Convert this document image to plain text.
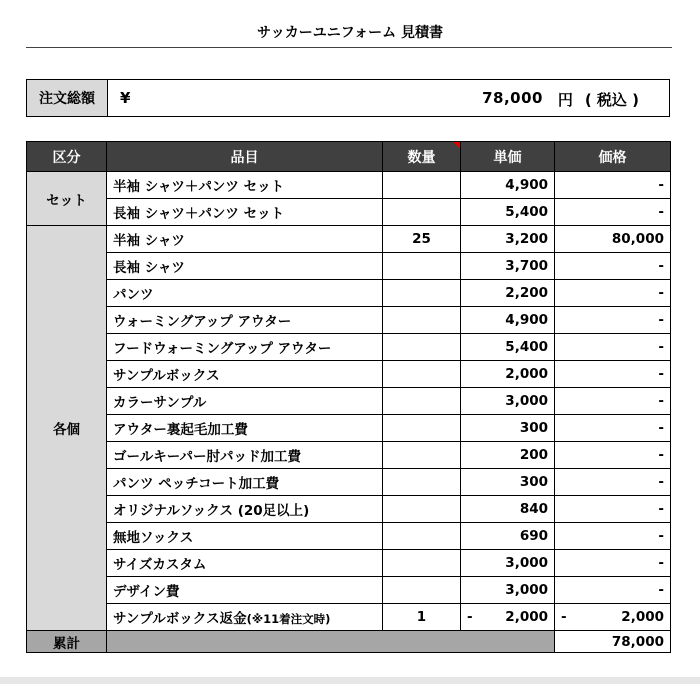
サッカーユニフォーム 見積書
注文総額	¥	78,000 円 ( 税込 )
区分	品目	数量	単価	価格
セット	半袖 シャツ＋パンツ セット		4,900	-
	長袖 シャツ＋パンツ セット		5,400	-
各個	半袖 シャツ	25	3,200	80,000
	長袖 シャツ		3,700	-
	パンツ		2,200	-
	ウォーミングアップ アウター		4,900	-
	フードウォーミングアップ アウター		5,400	-
	サンプルボックス		2,000	-
	カラーサンプル		3,000	-
	アウター裏起毛加工費		300	-
	ゴールキーパー肘パッド加工費		200	-
	パンツ ペッチコート加工費		300	-
	オリジナルソックス (20足以上)		840	-
	無地ソックス		690	-
	サイズカスタム		3,000	-
	デザイン費		3,000	-
	サンプルボックス返金(※11着注文時)	1	- 2,000	- 2,000
累計				78,000
